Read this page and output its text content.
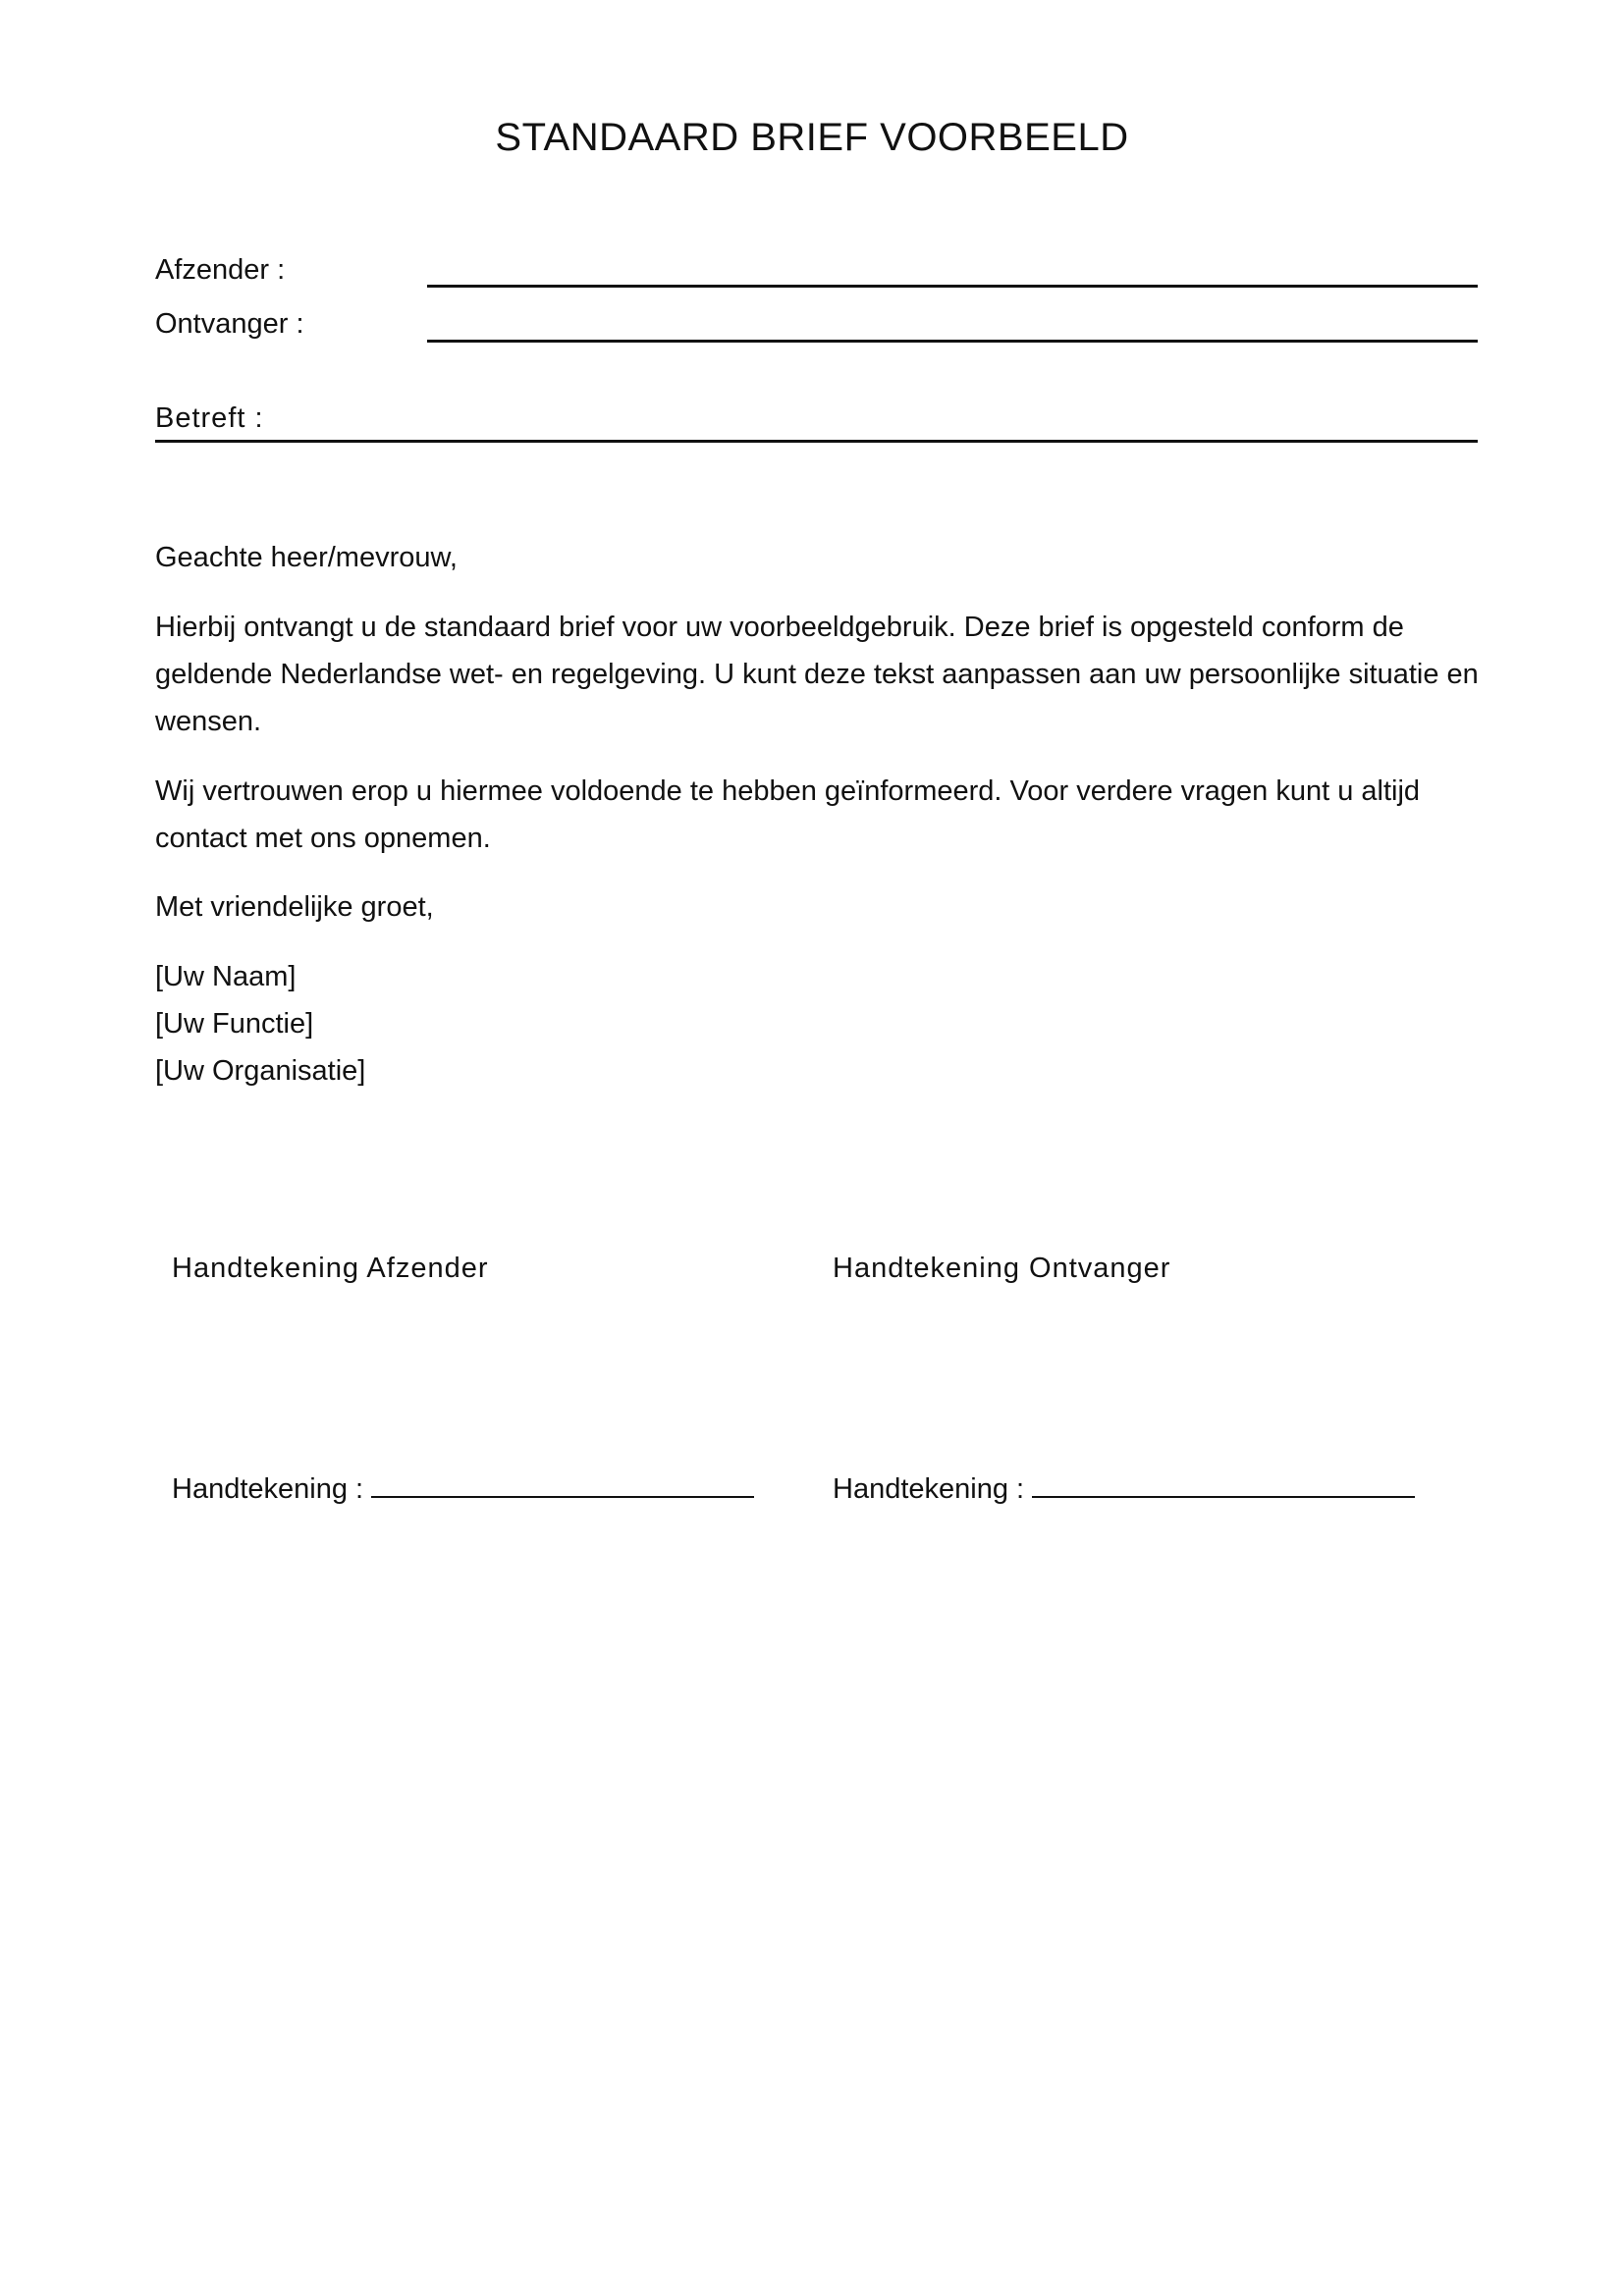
STANDAARD BRIEF VOORBEELD
Afzender :
Ontvanger :
Betreft :

Geachte heer/mevrouw,

Hierbij ontvangt u de standaard brief voor uw voorbeeldgebruik. Deze brief is opgesteld conform de geldende Nederlandse wet- en regelgeving. U kunt deze tekst aanpassen aan uw persoonlijke situatie en wensen.

Wij vertrouwen erop u hiermee voldoende te hebben geïnformeerd. Voor verdere vragen kunt u altijd contact met ons opnemen.

Met vriendelijke groet,

[Uw Naam]

[Uw Functie]

[Uw Organisatie]

Handtekening Afzender	Handtekening Ontvanger
Handtekening :	Handtekening :
